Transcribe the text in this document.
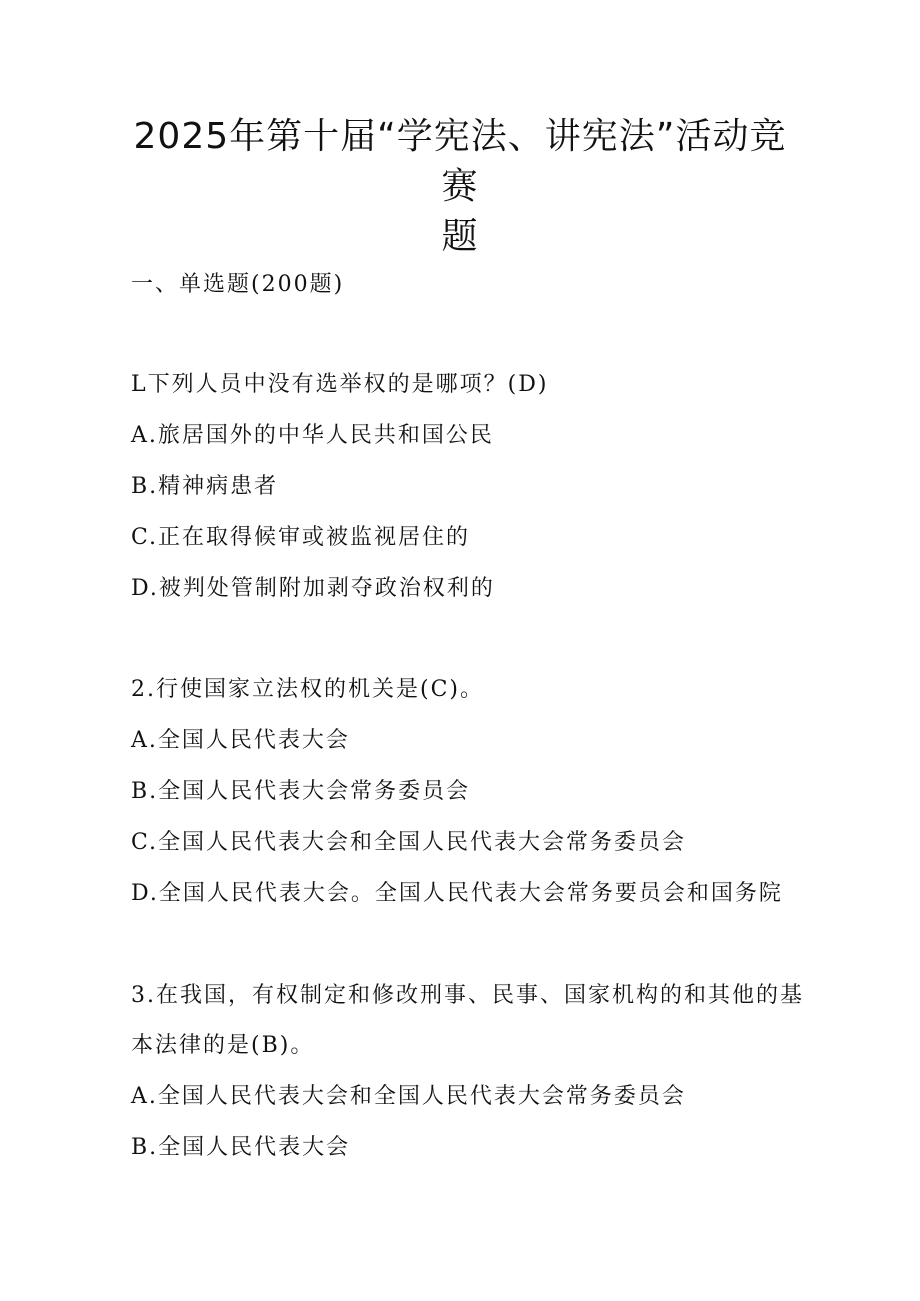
2025年第十届“学宪法、讲宪法”活动竞赛
题
一、单选题(200题)
L下列人员中没有选举权的是哪项？(D)
A.旅居国外的中华人民共和国公民
B.精神病患者
C.正在取得候审或被监视居住的
D.被判处管制附加剥夺政治权利的
2.行使国家立法权的机关是(C)。
A.全国人民代表大会
B.全国人民代表大会常务委员会
C.全国人民代表大会和全国人民代表大会常务委员会
D.全国人民代表大会。全国人民代表大会常务要员会和国务院
3.在我国，有权制定和修改刑事、民事、国家机构的和其他的基
本法律的是(B)。
A.全国人民代表大会和全国人民代表大会常务委员会
B.全国人民代表大会
